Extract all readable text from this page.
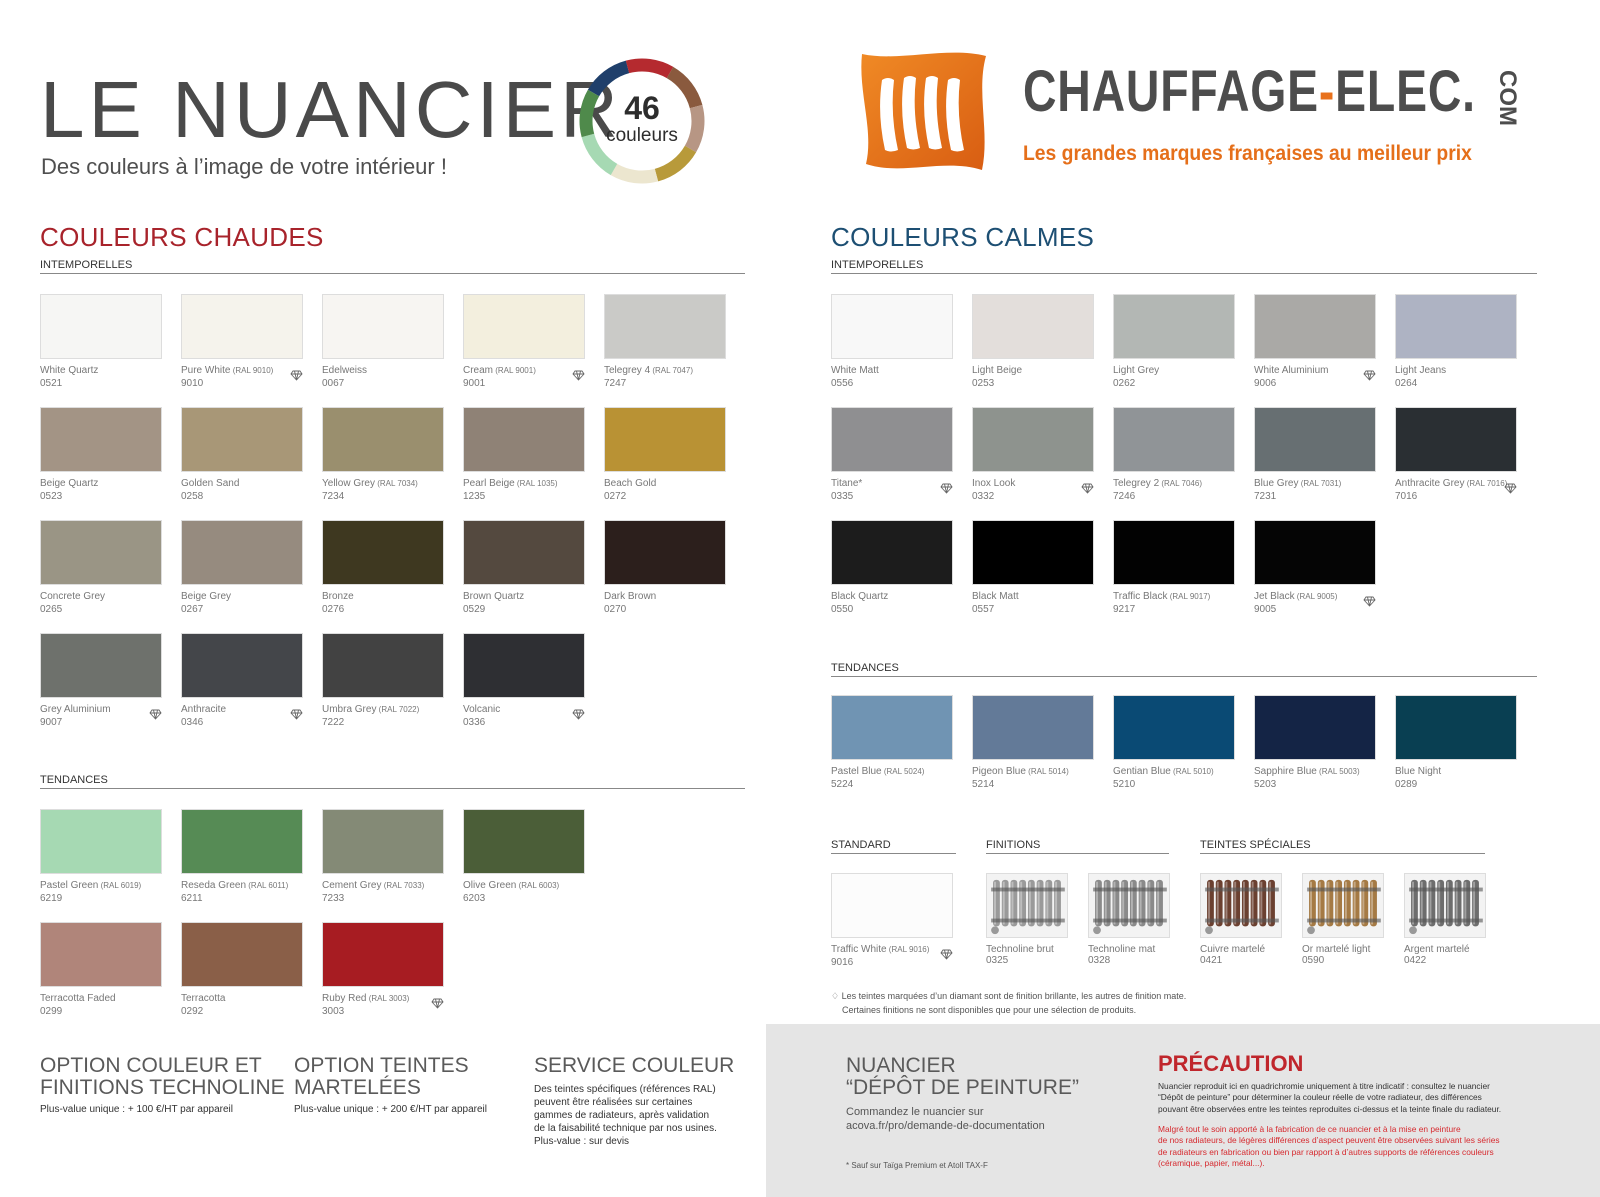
LE NUANCIER
Des couleurs à l’image de votre intérieur !
46
couleurs
CHAUFFAGE-ELEC. COM
Les grandes marques françaises au meilleur prix
COULEURS CHAUDES
INTEMPORELLES
TENDANCES
COULEURS CALMES
INTEMPORELLES
TENDANCES
STANDARD	FINITIONS	TEINTES SPÉCIALES
♢ Les teintes marquées d’un diamant sont de finition brillante, les autres de finition mate.
Certaines finitions ne sont disponibles que pour une sélection de produits.
OPTION COULEUR ET
FINITIONS TECHNOLINE
Plus-value unique : + 100 €/HT par appareil
OPTION TEINTES
MARTELÉES
Plus-value unique : + 200 €/HT par appareil
SERVICE COULEUR
Des teintes spécifiques (références RAL)
peuvent être réalisées sur certaines
gammes de radiateurs, après validation
de la faisabilité technique par nos usines.
Plus-value : sur devis
NUANCIER
“DÉPÔT DE PEINTURE”
Commandez le nuancier sur
acova.fr/pro/demande-de-documentation
* Sauf sur Taïga Premium et Atoll TAX-F
PRÉCAUTION
Nuancier reproduit ici en quadrichromie uniquement à titre indicatif : consultez le nuancier
“Dépôt de peinture” pour déterminer la couleur réelle de votre radiateur, des différences
pouvant être observées entre les teintes reproduites ci-dessus et la teinte finale du radiateur.
Malgré tout le soin apporté à la fabrication de ce nuancier et à la mise en peinture
de nos radiateurs, de légères différences d’aspect peuvent être observées suivant les séries
de radiateurs en fabrication ou bien par rapport à d’autres supports de références couleurs
(céramique, papier, métal...).
White Quartz
0521
Pure White (RAL 9010)
9010
Edelweiss
0067
Cream (RAL 9001)
9001
Telegrey 4 (RAL 7047)
7247
Beige Quartz
0523
Golden Sand
0258
Yellow Grey (RAL 7034)
7234
Pearl Beige (RAL 1035)
1235
Beach Gold
0272
Concrete Grey
0265
Beige Grey
0267
Bronze
0276
Brown Quartz
0529
Dark Brown
0270
Grey Aluminium
9007
Anthracite
0346
Umbra Grey (RAL 7022)
7222
Volcanic
0336
Pastel Green (RAL 6019)
6219
Reseda Green (RAL 6011)
6211
Cement Grey (RAL 7033)
7233
Olive Green (RAL 6003)
6203
Terracotta Faded
0299
Terracotta
0292
Ruby Red (RAL 3003)
3003
White Matt
0556
Light Beige
0253
Light Grey
0262
White Aluminium
9006
Light Jeans
0264
Titane*
0335
Inox Look
0332
Telegrey 2 (RAL 7046)
7246
Blue Grey (RAL 7031)
7231
Anthracite Grey (RAL 7016)
7016
Black Quartz
0550
Black Matt
0557
Traffic Black (RAL 9017)
9217
Jet Black (RAL 9005)
9005
Pastel Blue (RAL 5024)
5224
Pigeon Blue (RAL 5014)
5214
Gentian Blue (RAL 5010)
5210
Sapphire Blue (RAL 5003)
5203
Blue Night
0289
Traffic White (RAL 9016)
9016
Technoline brut
0325
Technoline mat
0328
Cuivre martelé
0421
Or martelé light
0590
Argent martelé
0422
